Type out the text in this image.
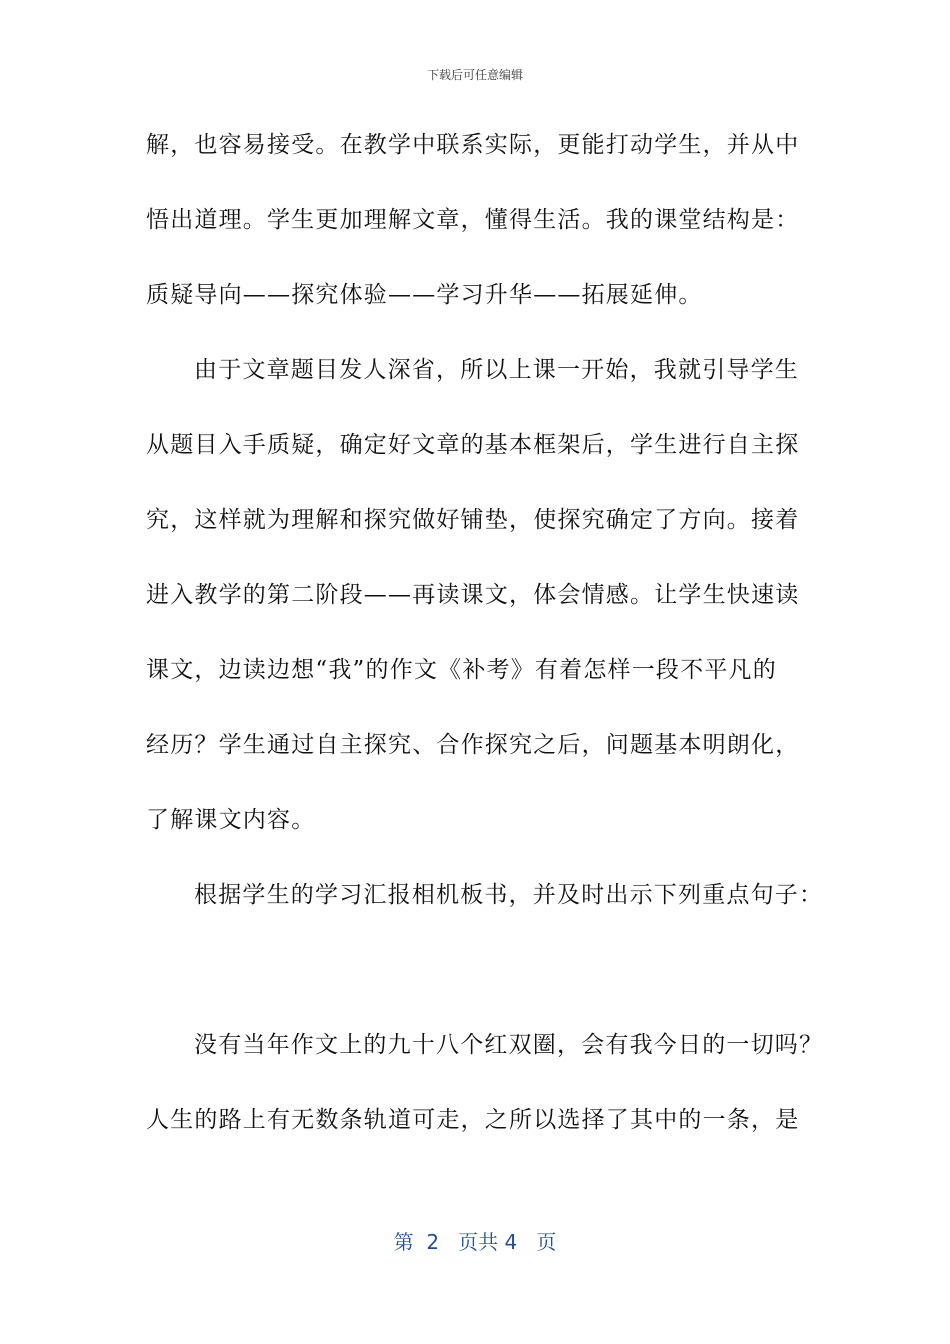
下载后可任意编辑
解，也容易接受。在教学中联系实际，更能打动学生，并从中
悟出道理。学生更加理解文章，懂得生活。我的课堂结构是：
质疑导向——探究体验——学习升华——拓展延伸。
由于文章题目发人深省，所以上课一开始，我就引导学生
从题目入手质疑，确定好文章的基本框架后，学生进行自主探
究，这样就为理解和探究做好铺垫，使探究确定了方向。接着
进入教学的第二阶段——再读课文，体会情感。让学生快速读
课文，边读边想“我”的作文《补考》有着怎样一段不平凡的
经历？学生通过自主探究、合作探究之后，问题基本明朗化，
了解课文内容。
根据学生的学习汇报相机板书，并及时出示下列重点句子：
没有当年作文上的九十八个红双圈，会有我今日的一切吗？
人生的路上有无数条轨道可走，之所以选择了其中的一条，是
第  2   页共 4   页
